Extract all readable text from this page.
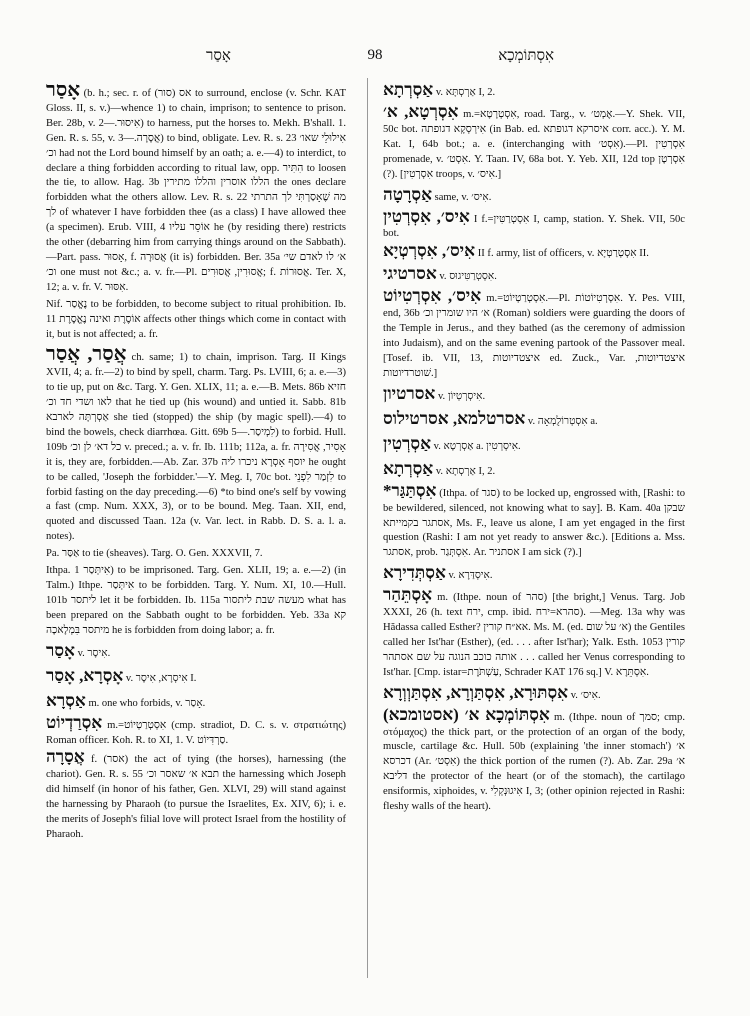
אָסַר	98	אִסְתּוֹמְכָא

אָסַר (b. h.; sec. r. of אס (סור) to surround, enclose (v. Schr. KAT Gloss. II, s. v.)—whence 1) to chain, imprison; to sentence to prison. Ber. 28b, v. אִיסוּר.—2) to harness, put the horses to. Mekh. B'shall. 1. Gen. R. s. 55, v. אֲסָרָה.—3) to bind, obligate. Lev. R. s. 23 אִילוּלֵי שאו׳ וכ׳ had not the Lord bound himself by an oath; a. e.—4) to interdict, to declare a thing forbidden according to ritual law, opp. הִתִּיר to loosen the tie, to allow. Hag. 3b הללו אוסרין והללו מתירין the ones declare forbidden what the others allow. Lev. R. s. 22 מה שֶׁאָסַרְתִּי לך התרתי לך of whatever I have forbidden thee (as a class) I have allowed thee (a specimen). Erub. VIII, 4 אוֹסֵר עליו he (by residing there) restricts the other (debarring him from carrying things around on the Sabbath).—Part. pass. אָסוּר, f. אֲסוּרָה (it is) forbidden. Ber. 35a א׳ לו לאדם שי׳ וכ׳ one must not &c.; a. v. fr.—Pl. אֲסוּרִין, אֲסוּרִים; f. אֲסוּרוֹת. Ter. X, 12; a. v. fr. V. אִסּוּר.

Nif. נֶאֱסַר to be forbidden, to become subject to ritual prohibition. Ib. 11 אוֹסֶרֶת ואינה נֶאֱסֶרֶת affects other things which come in contact with it, but is not affected; a. fr.

אֲסַר, אֲסַר ch. same; 1) to chain, imprison. Targ. II Kings XVII, 4; a. fr.—2) to bind by spell, charm. Targ. Ps. LVIII, 6; a. e.—3) to tie up, put on &c. Targ. Y. Gen. XLIX, 11; a. e.—B. Mets. 86b חזיא לאו ושדי חד וכ׳ that he tied up (his wound) and untied it. Sabb. 81b אַסְרְתָּה לארבא she tied (stopped) the ship (by magic spell).—4) to bind the bowels, check diarrhœa. Gitt. 69b לִמְיסַר.—5) to forbid. Hull. 109b כל דא׳ לן וכ׳ v. preced.; a. v. fr. Ib. 111b; 112a, a. fr. אָסִיר, אֲסִירָה it is, they are, forbidden.—Ab. Zar. 37b יוסף אָסְרָא ניכרו ליה he ought to be called, 'Joseph the forbidder.'—Y. Meg. I, 70c bot. לִזְמַר לִפְנֵי to forbid fasting on the day preceding.—6) *to bind one's self by vowing a fast (cmp. Num. XXX, 3), or to be bound. Meg. Taan. XII, end, quoted and discussed Taan. 12a (v. Var. lect. in Rabb. D. S. a. l. a. notes).

Pa. אַסַּר to tie (sheaves). Targ. O. Gen. XXXVII, 7.

Ithpa. אִיתְּסַר 1) to be imprisoned. Targ. Gen. XLII, 19; a. e.—2) (in Talm.) Ithpe. אִיתְּסַר to be forbidden. Targ. Y. Num. XI, 10.—Hull. 101b ליתסר let it be forbidden. Ib. 115a מעשה שבת ליתסור what has been prepared on the Sabbath ought to be forbidden. Yeb. 33a קא מיתסר בִּמְלָאכָה he is forbidden from doing labor; a. fr.

אָסַר v. אִיסָר.

אָסְרָא, אָסַר v. אִיסְרָא, אִיסָר I.

אַסְרָא m. one who forbids, v. אָסַר.

אִסְרַדְיוֹט m.=אִסְטְרַטְיוֹט (cmp. stradiot, D. C. s. v. στρατιώτης) Roman officer. Koh. R. to XI, 1. V. סַרְדִּיוֹט.

אֲסָרָה f. (אסר) the act of tying (the horses), harnessing (the chariot). Gen. R. s. 55 תבא א׳ שאסר וכ׳ the harnessing which Joseph did himself (in honor of his father, Gen. XLVI, 29) will stand against the harnessing by Pharaoh (to pursue the Israelites, Ex. XIV, 6); i. e. the merits of Joseph's filial love will protect Israel from the hostility of Pharaoh.

אַסְרְתָא v. אַרְסְתָּא I, 2.

אִסְרְטָא, א׳ m.=אִסְטְרָטָא, road. Targ., v. אֶמְט׳.—Y. Shek. VII, 50c bot. אִירְסְקָא דגופתה (in Bab. ed. איסרקא דגופתא corr. acc.). Y. M. Kat. I, 64b bot.; a. e. (interchanging with אִסְט׳).—Pl. אִסְרְטִין promenade, v. אִסְט׳. Y. Taan. IV, 68a bot. Y. Yeb. XII, 12d top אִסְרְטָן (?). [אִסְרְטִין troops, v. אִיס׳.]

אַסְרָטָה same, v. אִיס׳.

אִיס׳, אִסְרְטִין I f.=אִסְטְרַטִּין I, camp, station. Y. Shek. VII, 50c bot.

אִיס׳, אִסְרְטְיָא II f. army, list of officers, v. אִסְטְרַטְיָא II.

אסרטיגי v. אִסְטְרַטִּיגוּס.

אִיס׳, אִסְרְטִיוֹט m.=אִסְטְרַטְיוֹט.—Pl. אִסְרְטִיוֹטוֹת. Y. Pes. VIII, end, 36b א׳ היו שומרין וכ׳ (Roman) soldiers were guarding the doors of the Temple in Jerus., and they bathed (as the ceremony of admission into Judaism), and on the same evening partook of the Passover meal. [Tosef. ib. VII, 13, איצטדיוטות ed. Zuck., Var. איצטדיוטות, שׁוטרדיוטות.]

אסרטיון v. אִיסְרְטְיוֹן.

אסרטלמא, אסרטילוס v. אִסְטְרוֹלֻמְאָה a.

אַסְרְטִין v. אַסְרְטָא a. אִיסְרְטִין.

אַסְרְתָא v. אַרְסְתָא I, 2.

*אִסְתַּגַּר (Ithpa. of סגר) to be locked up, engrossed with, [Rashi: to be bewildered, silenced, not knowing what to say]. B. Kam. 40a שבקן אסתגר בקמייתא, Ms. F., leave us alone, I am yet engaged in the first question (Rashi: I am not yet ready to answer &c.). [Editions a. Mss. אסתגר, prob. אִסְתְּגַר. Ar. אסתניר I am sick (?).]

אַסְתְּדִירָא v. אִיסְדַּרָא.

אָסְתֵּהַר m. (Ithpe. noun of סהר) [the bright,] Venus. Targ. Job XXXI, 26 (h. text ירח, cmp. ibid. סהרא=ירח). —Meg. 13a why was Hădassa called Esther? אא״ח קורין. Ms. M. (ed. א׳ על שום) the Gentiles called her Ist'har (Esther), (ed. . . . after Ist'har); Yalk. Esth. 1053 קורין אותה כוכב הנוגה על שם אסתהר . . . called her Venus corresponding to Ist'har. [Cmp. istar=עַשְׁתֹּרֶת, Schrader KAT 176 sq.] V. אִסְתֵּרָא.

אִסְתּוּרָא, אִסְתַּוְרָא, אִסְתַּוְוְרָא v. אִיס׳.

אִסְתּוֹמְכָא א׳ (אסטומכא) m. (Ithpe. noun of סמך; cmp. στόμαχος) the thick part, or the protection of an organ of the body, muscle, cartilage &c. Hull. 50b (explaining 'the inner stomach') א׳ דכרסא (Ar. אִסְט׳) the thick portion of the rumen (?). Ab. Zar. 29a א׳ דליבא the protector of the heart (or of the stomach), the cartilago ensiformis, xiphoides, v. אִיגוּנְקְלִי I, 3; (other opinion rejected in Rashi: fleshy walls of the heart).
